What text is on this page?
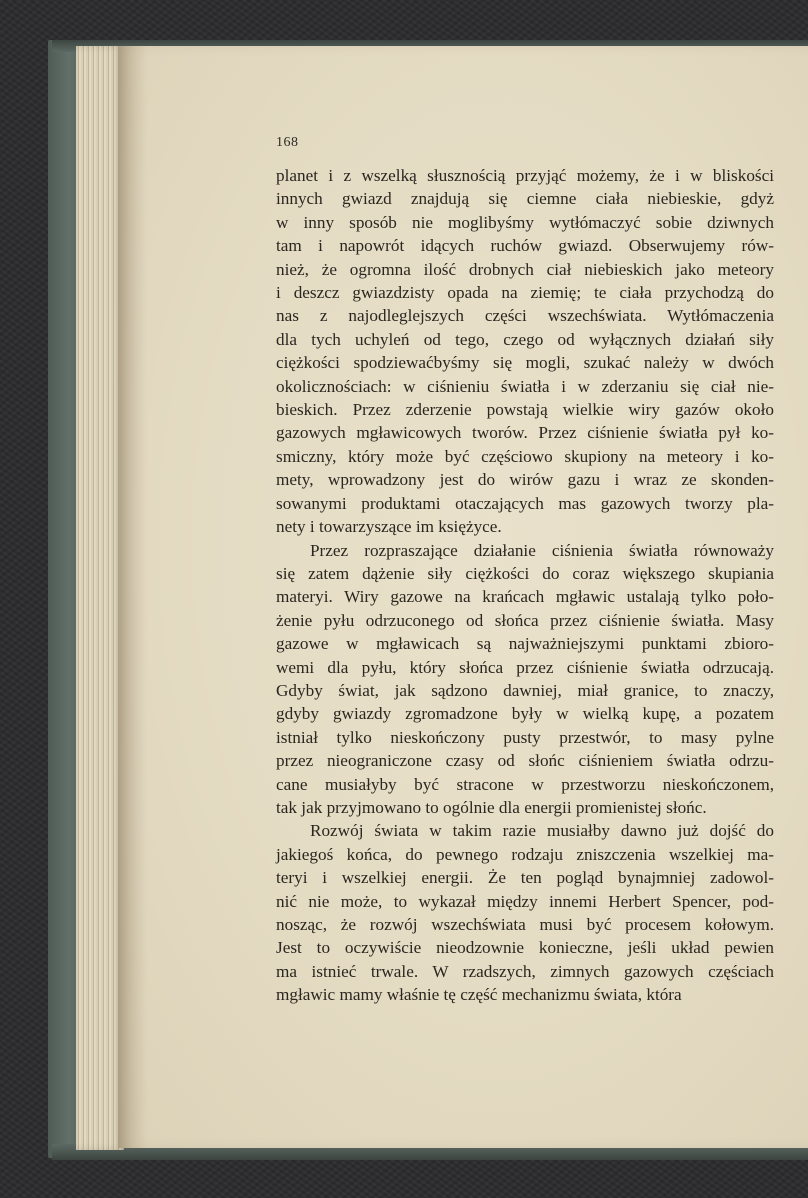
168

planet i z wszelką słusznością przyjąć możemy, że i w bliskości
innych gwiazd znajdują się ciemne ciała niebieskie, gdyż
w inny sposób nie moglibyśmy wytłómaczyć sobie dziwnych
tam i napowrót idących ruchów gwiazd. Obserwujemy rów-
nież, że ogromna ilość drobnych ciał niebieskich jako meteory
i deszcz gwiazdzisty opada na ziemię; te ciała przychodzą do
nas z najodleglejszych części wszechświata. Wytłómaczenia
dla tych uchyleń od tego, czego od wyłącznych działań siły
ciężkości spodziewaćbyśmy się mogli, szukać należy w dwóch
okolicznościach: w ciśnieniu światła i w zderzaniu się ciał nie-
bieskich. Przez zderzenie powstają wielkie wiry gazów około
gazowych mgławicowych tworów. Przez ciśnienie światła pył ko-
smiczny, który może być częściowo skupiony na meteory i ko-
mety, wprowadzony jest do wirów gazu i wraz ze skonden-
sowanymi produktami otaczających mas gazowych tworzy pla-
nety i towarzyszące im księżyce.

Przez rozpraszające działanie ciśnienia światła równoważy
się zatem dążenie siły ciężkości do coraz większego skupiania
materyi. Wiry gazowe na krańcach mgławic ustalają tylko poło-
żenie pyłu odrzuconego od słońca przez ciśnienie światła. Masy
gazowe w mgławicach są najważniejszymi punktami zbioro-
wemi dla pyłu, który słońca przez ciśnienie światła odrzucają.
Gdyby świat, jak sądzono dawniej, miał granice, to znaczy,
gdyby gwiazdy zgromadzone były w wielką kupę, a pozatem
istniał tylko nieskończony pusty przestwór, to masy pylne
przez nieograniczone czasy od słońc ciśnieniem światła odrzu-
cane musiałyby być stracone w przestworzu nieskończonem,
tak jak przyjmowano to ogólnie dla energii promienistej słońc.

Rozwój świata w takim razie musiałby dawno już dojść do
jakiegoś końca, do pewnego rodzaju zniszczenia wszelkiej ma-
teryi i wszelkiej energii. Że ten pogląd bynajmniej zadowol-
nić nie może, to wykazał między innemi Herbert Spencer, pod-
nosząc, że rozwój wszechświata musi być procesem kołowym.
Jest to oczywiście nieodzownie konieczne, jeśli układ pewien
ma istnieć trwale. W rzadszych, zimnych gazowych częściach
mgławic mamy właśnie tę część mechanizmu świata, która
